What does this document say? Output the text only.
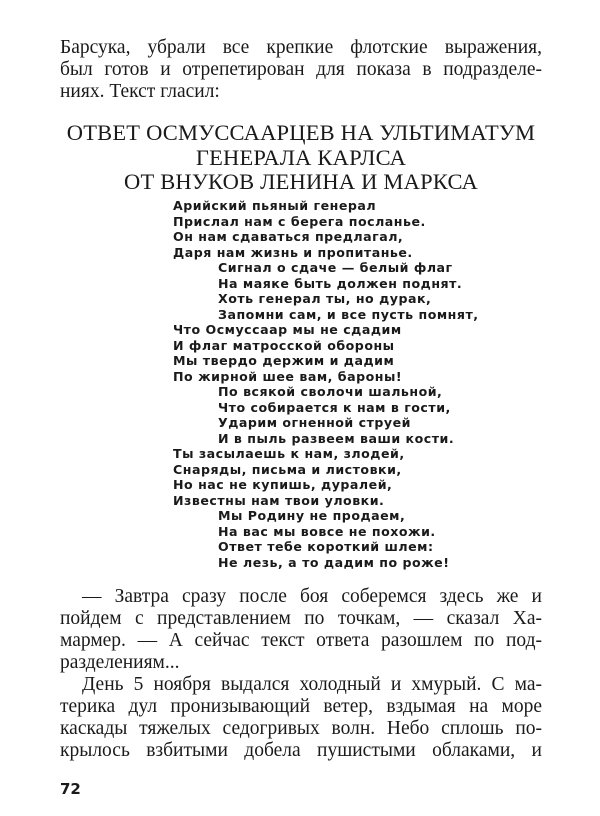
Барсука, убрали все крепкие флотские выражения,
был готов и отрепетирован для показа в подразделе-
ниях. Текст гласил:
ОТВЕТ ОСМУССААРЦЕВ НА УЛЬТИМАТУМ
ГЕНЕРАЛА КАРЛСА
ОТ ВНУКОВ ЛЕНИНА И МАРКСА
Арийский пьяный генерал
Прислал нам с берега посланье.
Он нам сдаваться предлагал,
Даря нам жизнь и пропитанье.
Сигнал о сдаче — белый флаг
На маяке быть должен поднят.
Хоть генерал ты, но дурак,
Запомни сам, и все пусть помнят,
Что Осмуссаар мы не сдадим
И флаг матросской обороны
Мы твердо держим и дадим
По жирной шее вам, бароны!
По всякой сволочи шальной,
Что собирается к нам в гости,
Ударим огненной струей
И в пыль развеем ваши кости.
Ты засылаешь к нам, злодей,
Снаряды, письма и листовки,
Но нас не купишь, дуралей,
Известны нам твои уловки.
Мы Родину не продаем,
На вас мы вовсе не похожи.
Ответ тебе короткий шлем:
Не лезь, а то дадим по роже!
— Завтра сразу после боя соберемся здесь же и
пойдем с представлением по точкам, — сказал Ха-
мармер. — А сейчас текст ответа разошлем по под-
разделениям...
День 5 ноября выдался холодный и хмурый. С ма-
терика дул пронизывающий ветер, вздымая на море
каскады тяжелых седогривых волн. Небо сплошь по-
крылось взбитыми добела пушистыми облаками, и
72
